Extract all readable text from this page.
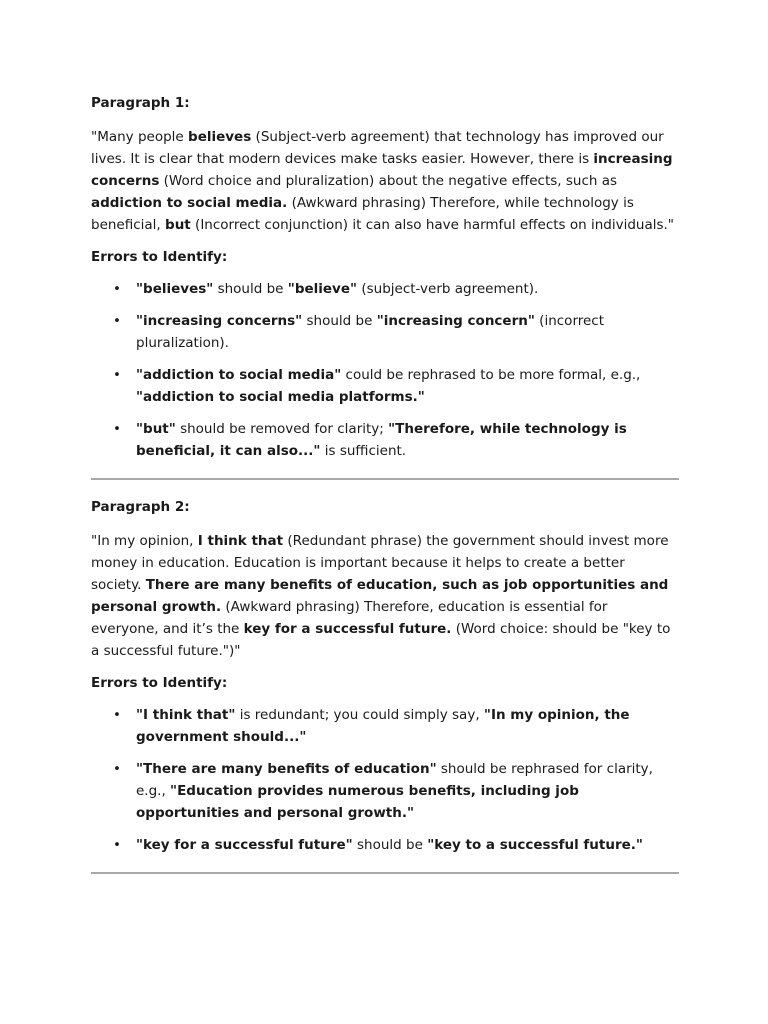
Paragraph 1:

"Many people believes (Subject-verb agreement) that technology has improved our lives. It is clear that modern devices make tasks easier. However, there is increasing concerns (Word choice and pluralization) about the negative effects, such as addiction to social media. (Awkward phrasing) Therefore, while technology is beneficial, but (Incorrect conjunction) it can also have harmful effects on individuals."

Errors to Identify:
• "believes" should be "believe" (subject-verb agreement).
• "increasing concerns" should be "increasing concern" (incorrect pluralization).
• "addiction to social media" could be rephrased to be more formal, e.g., "addiction to social media platforms."
• "but" should be removed for clarity; "Therefore, while technology is beneficial, it can also..." is sufficient.
Paragraph 2:

"In my opinion, I think that (Redundant phrase) the government should invest more money in education. Education is important because it helps to create a better society. There are many benefits of education, such as job opportunities and personal growth. (Awkward phrasing) Therefore, education is essential for everyone, and it’s the key for a successful future. (Word choice: should be "key to a successful future.")"

Errors to Identify:
• "I think that" is redundant; you could simply say, "In my opinion, the government should..."
• "There are many benefits of education" should be rephrased for clarity, e.g., "Education provides numerous benefits, including job opportunities and personal growth."
• "key for a successful future" should be "key to a successful future."
